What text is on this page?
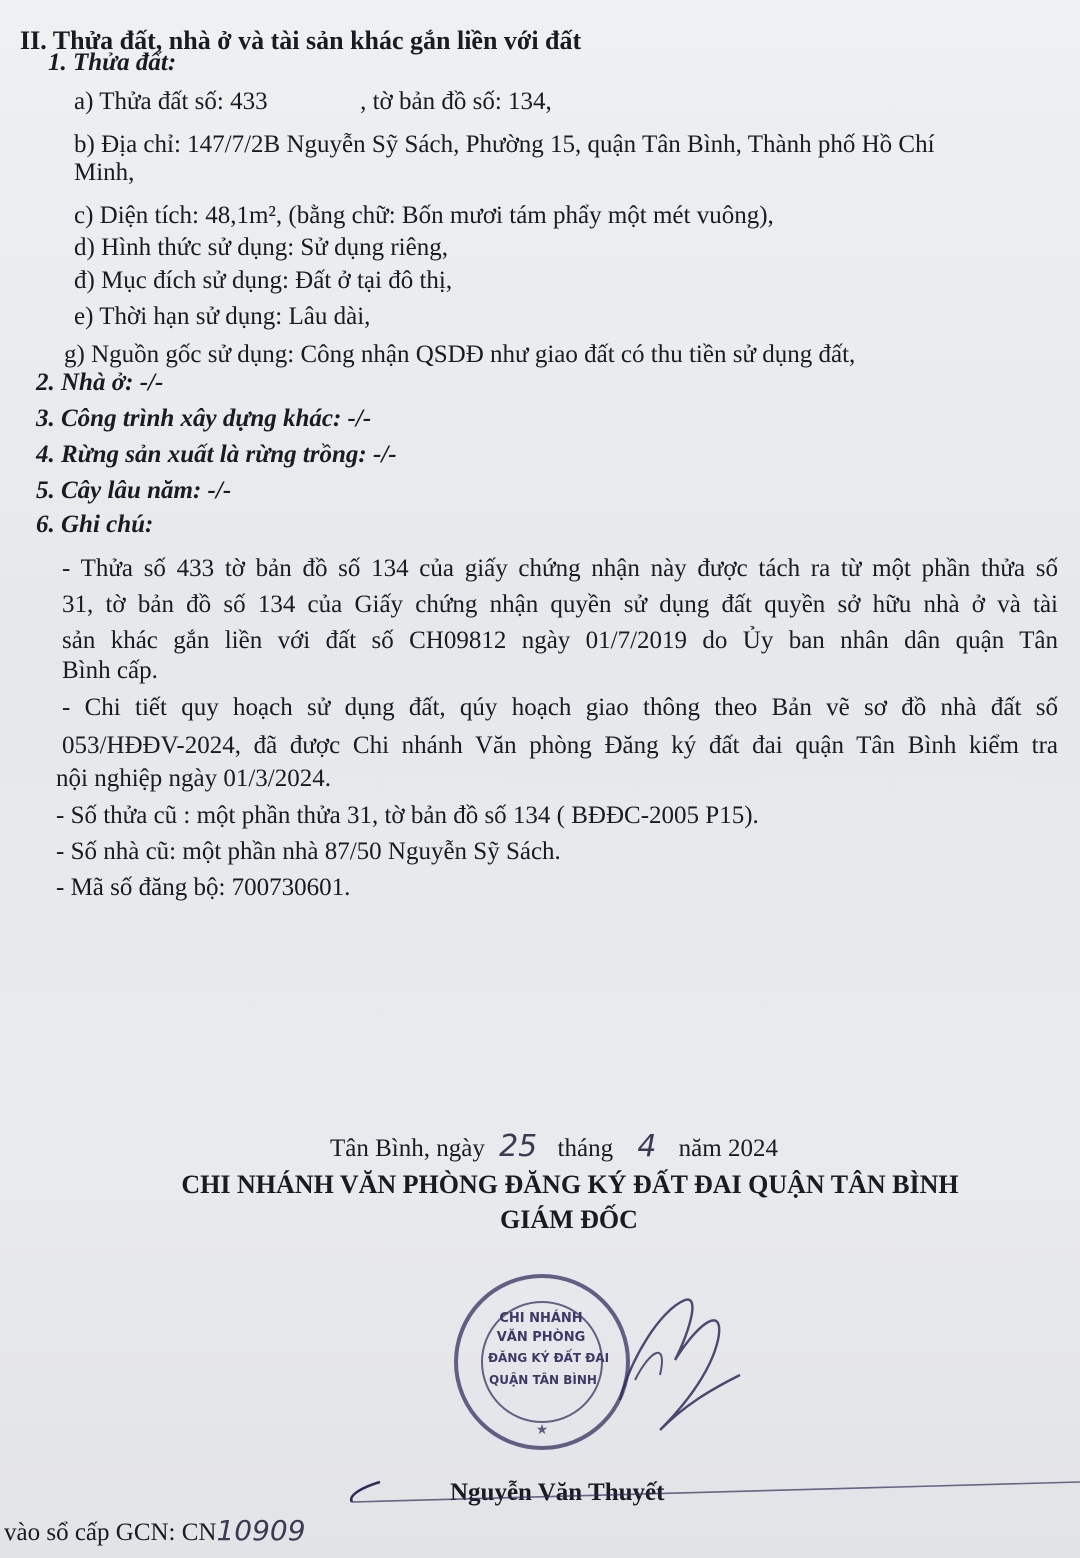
II. Thửa đất, nhà ở và tài sản khác gắn liền với đất
1. Thửa đất:
a) Thửa đất số: 433	, tờ bản đồ số: 134,
b) Địa chỉ: 147/7/2B Nguyễn Sỹ Sách, Phường 15, quận Tân Bình, Thành phố Hồ Chí
Minh,
c) Diện tích: 48,1m², (bằng chữ: Bốn mươi tám phẩy một mét vuông),
d) Hình thức sử dụng: Sử dụng riêng,
đ) Mục đích sử dụng: Đất ở tại đô thị,
e) Thời hạn sử dụng: Lâu dài,
g) Nguồn gốc sử dụng: Công nhận QSDĐ như giao đất có thu tiền sử dụng đất,
2. Nhà ở: -/-
3. Công trình xây dựng khác: -/-
4. Rừng sản xuất là rừng trồng: -/-
5. Cây lâu năm: -/-
6. Ghi chú:
- Thửa số 433 tờ bản đồ số 134 của giấy chứng nhận này được tách ra từ một phần thửa số
31, tờ bản đồ số 134 của Giấy chứng nhận quyền sử dụng đất quyền sở hữu nhà ở và tài
sản khác gắn liền với đất số CH09812 ngày 01/7/2019 do Ủy ban nhân dân quận Tân
Bình cấp.
- Chi tiết quy hoạch sử dụng đất, qúy hoạch giao thông theo Bản vẽ sơ đồ nhà đất số
053/HĐĐV-2024, đã được Chi nhánh Văn phòng Đăng ký đất đai quận Tân Bình kiểm tra
nội nghiệp ngày 01/3/2024.
- Số thửa cũ : một phần thửa 31, tờ bản đồ số 134 ( BĐĐC-2005 P15).
- Số nhà cũ: một phần nhà 87/50 Nguyễn Sỹ Sách.
- Mã số đăng bộ: 700730601.
Tân Bình, ngày 25 tháng 4 năm 2024
CHI NHÁNH VĂN PHÒNG ĐĂNG KÝ ĐẤT ĐAI QUẬN TÂN BÌNH
GIÁM ĐỐC
★
CHI NHÁNH
VĂN PHÒNG
ĐĂNG KÝ ĐẤT ĐAI
QUẬN TÂN BÌNH
Nguyễn Văn Thuyết
vào sổ cấp GCN: CN10909
